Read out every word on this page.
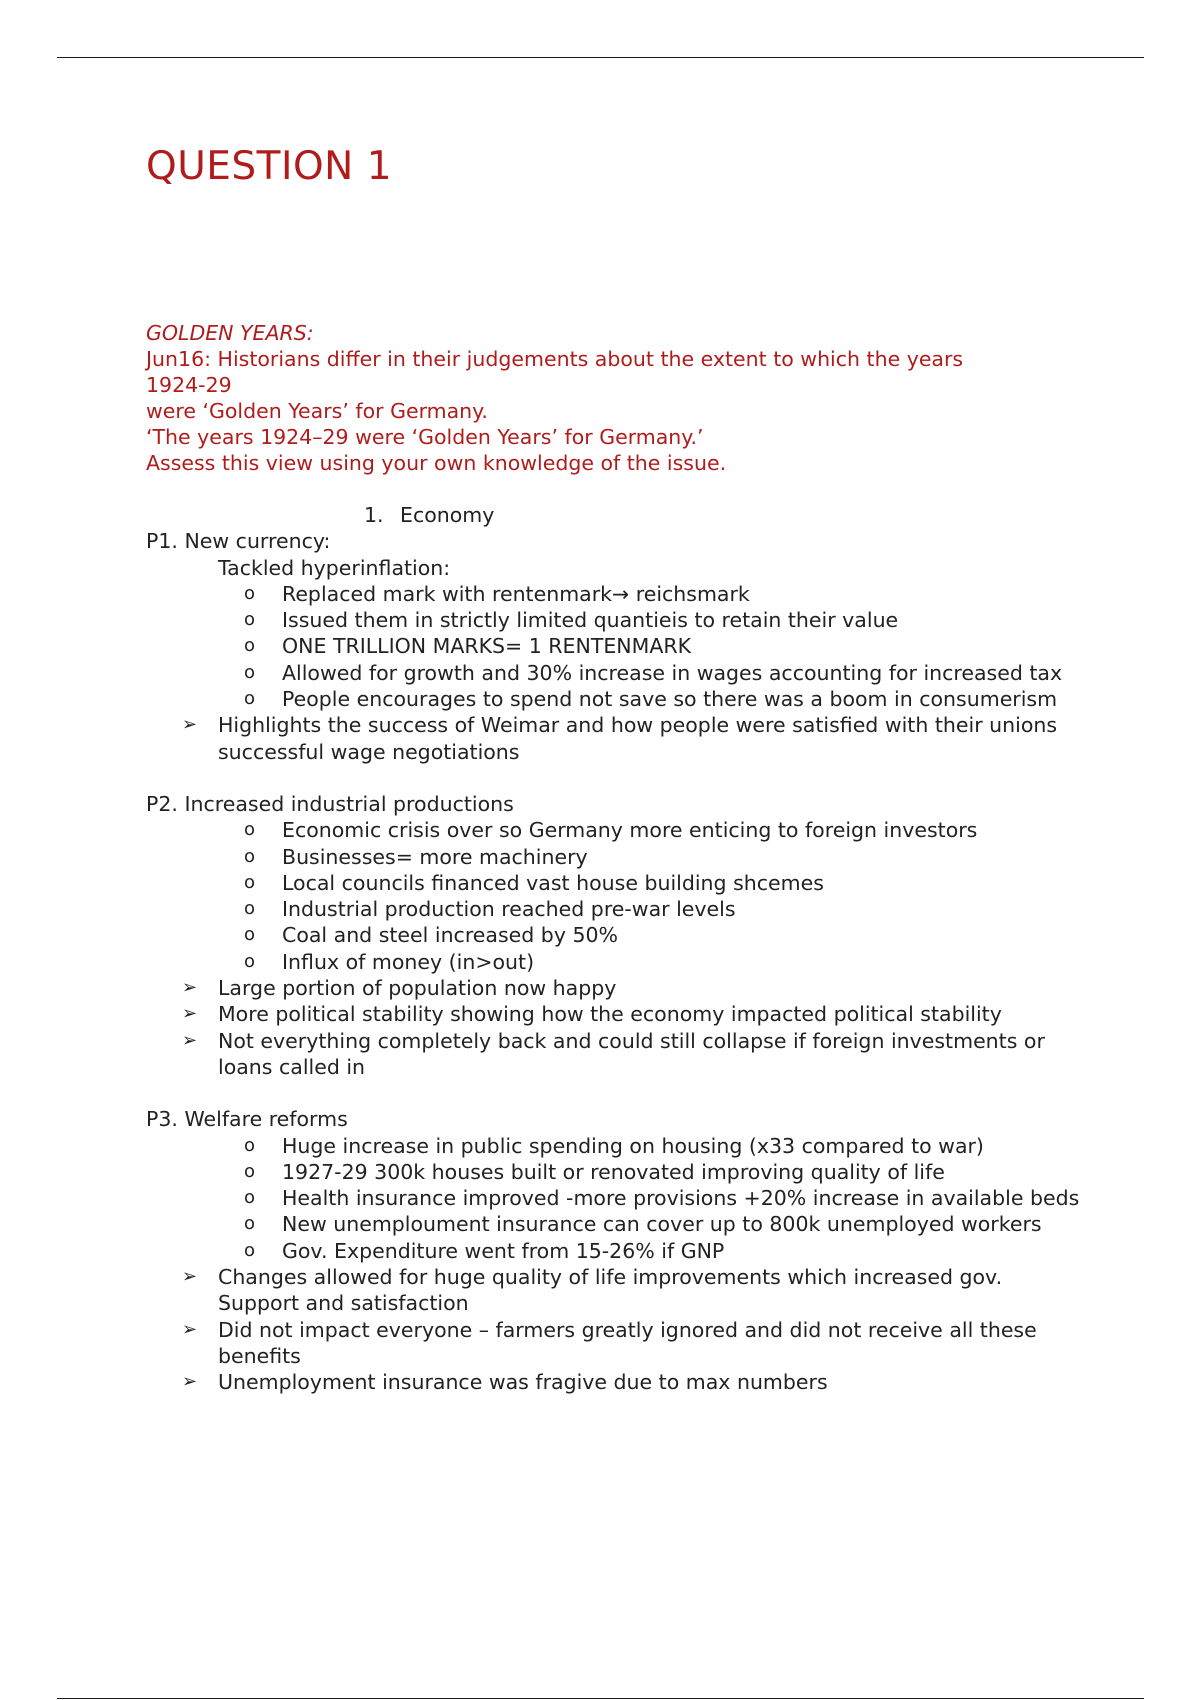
QUESTION 1
GOLDEN YEARS:
Jun16: Historians differ in their judgements about the extent to which the years
1924-29
were ‘Golden Years’ for Germany.
‘The years 1924–29 were ‘Golden Years’ for Germany.’
Assess this view using your own knowledge of the issue.
1. Economy
P1. New currency:
Tackled hyperinflation:
o Replaced mark with rentenmark→ reichsmark
o Issued them in strictly limited quantieis to retain their value
o ONE TRILLION MARKS= 1 RENTENMARK
o Allowed for growth and 30% increase in wages accounting for increased tax
o People encourages to spend not save so there was a boom in consumerism
➢ Highlights the success of Weimar and how people were satisfied with their unions successful wage negotiations
P2. Increased industrial productions
o Economic crisis over so Germany more enticing to foreign investors
o Businesses= more machinery
o Local councils financed vast house building shcemes
o Industrial production reached pre-war levels
o Coal and steel increased by 50%
o Influx of money (in>out)
➢ Large portion of population now happy
➢ More political stability showing how the economy impacted political stability
➢ Not everything completely back and could still collapse if foreign investments or loans called in
P3. Welfare reforms
o Huge increase in public spending on housing (x33 compared to war)
o 1927-29 300k houses built or renovated improving quality of life
o Health insurance improved -more provisions +20% increase in available beds
o New unemploument insurance can cover up to 800k unemployed workers
o Gov. Expenditure went from 15-26% if GNP
➢ Changes allowed for huge quality of life improvements which increased gov. Support and satisfaction
➢ Did not impact everyone – farmers greatly ignored and did not receive all these benefits
➢ Unemployment insurance was fragive due to max numbers
